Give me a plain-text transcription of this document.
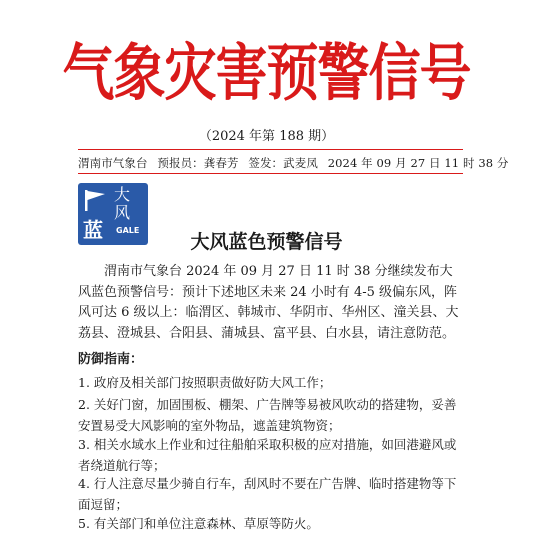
气象灾害预警信号
（2024 年第 188 期）
渭南市气象台 预报员：龚春芳 签发：武麦凤 2024 年 09 月 27 日 11 时 38 分
大
风
蓝 GALE
大风蓝色预警信号
渭南市气象台 2024 年 09 月 27 日 11 时 38 分继续发布大风蓝色预警信号：预计下述地区未来 24 小时有 4-5 级偏东风，阵风可达 6 级以上：临渭区、韩城市、华阴市、华州区、潼关县、大荔县、澄城县、合阳县、蒲城县、富平县、白水县，请注意防范。
防御指南：
1. 政府及相关部门按照职责做好防大风工作；
2. 关好门窗，加固围板、棚架、广告牌等易被风吹动的搭建物，妥善安置易受大风影响的室外物品，遮盖建筑物资；
3. 相关水域水上作业和过往船舶采取积极的应对措施，如回港避风或者绕道航行等；
4. 行人注意尽量少骑自行车，刮风时不要在广告牌、临时搭建物等下面逗留；
5. 有关部门和单位注意森林、草原等防火。
